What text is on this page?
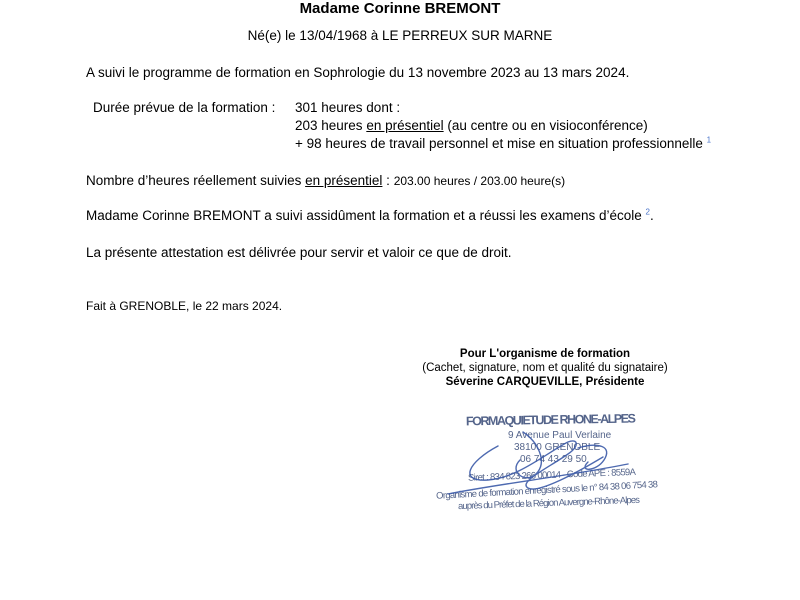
Madame Corinne BREMONT
Né(e) le 13/04/1968 à LE PERREUX SUR MARNE
A suivi le programme de formation en Sophrologie du 13 novembre 2023 au 13 mars 2024.
Durée prévue de la formation : 301 heures dont :
203 heures en présentiel (au centre ou en visioconférence)
+ 98 heures de travail personnel et mise en situation professionnelle $^1$
Nombre d’heures réellement suivies en présentiel : 203.00 heures / 203.00 heure(s)
Madame Corinne BREMONT a suivi assidûment la formation et a réussi les examens d’école $^2$.
La présente attestation est délivrée pour servir et valoir ce que de droit.
Fait à GRENOBLE, le 22 mars 2024.
Pour L'organisme de formation
(Cachet, signature, nom et qualité du signataire)
Séverine CARQUEVILLE, Présidente
FORMAQUIETUDE RHONE-ALPES
9 Avenue Paul Verlaine
38100 GRENOBLE
06 74 43 29 50
Siret : 834 823 266 00014 - Code APE : 8559A
Organisme de formation enregistré sous le n° 84 38 06 754 38
auprès du Préfet de la Région Auvergne-Rhône-Alpes
